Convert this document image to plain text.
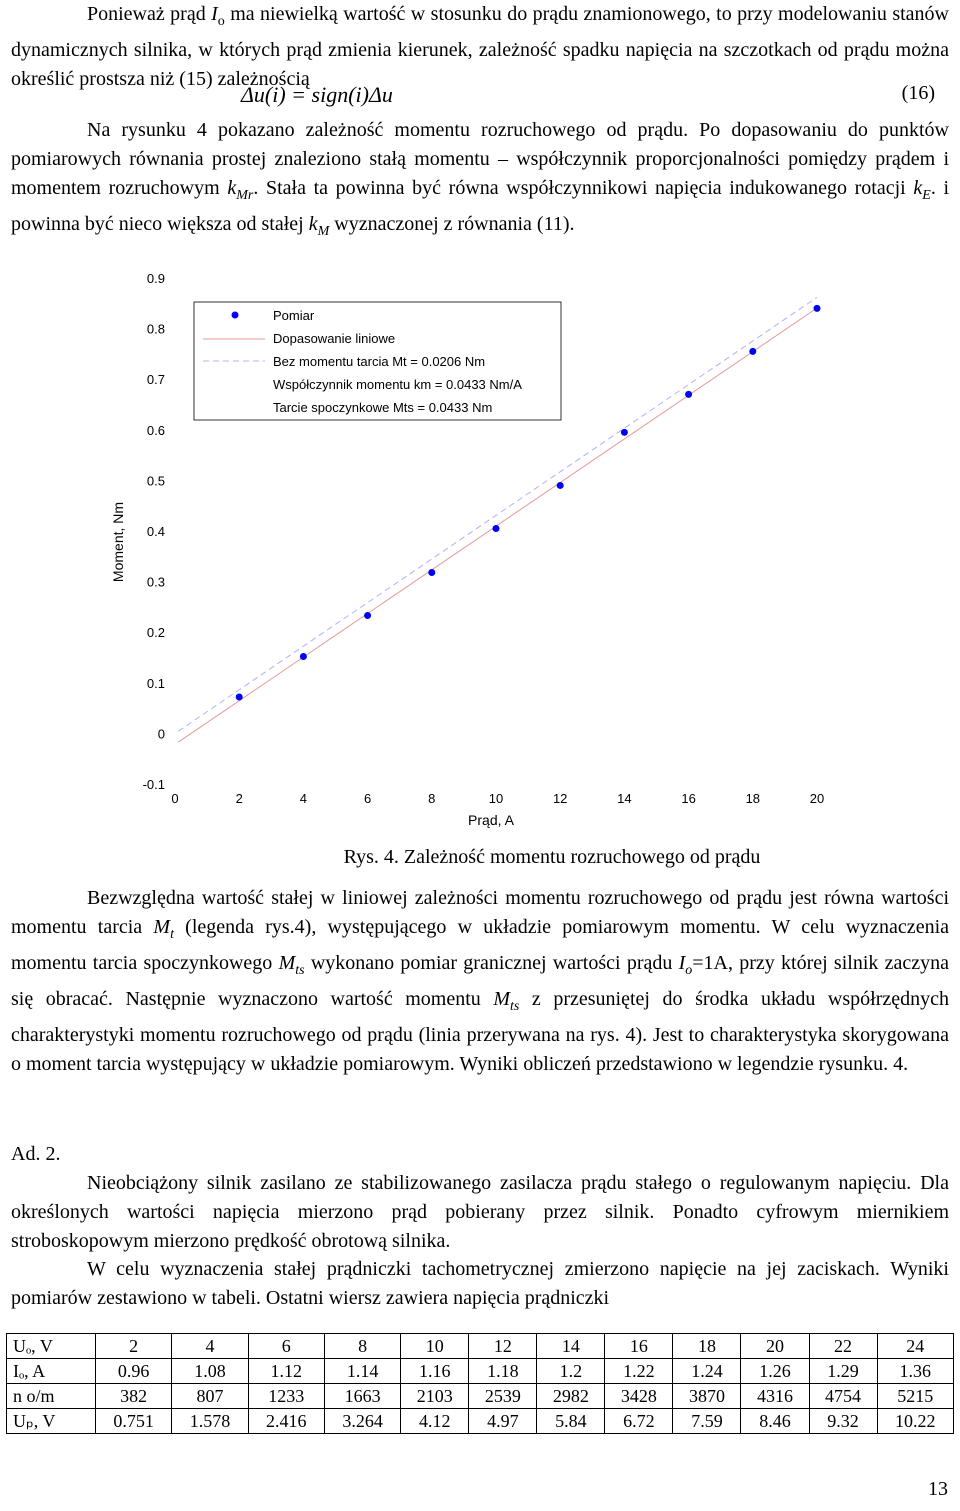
Ponieważ prąd $I_o$ ma niewielką wartość w stosunku do prądu znamionowego, to przy modelowaniu stanów dynamicznych silnika, w których prąd zmienia kierunek, zależność spadku napięcia na szczotkach od prądu można określić prostsza niż (15) zależnością

Δu(i) = sign(i)Δu	(16)

Na rysunku 4 pokazano zależność momentu rozruchowego od prądu. Po dopasowaniu do punktów pomiarowych równania prostej znaleziono stałą momentu – współczynnik proporcjonalności pomiędzy prądem i momentem rozruchowym $k_{Mr}$. Stała ta powinna być równa współczynnikowi napięcia indukowanego rotacji $k_E$. i powinna być nieco większa od stałej $k_M$ wyznaczonej z równania (11).

-0.1
0
0.1
0.2
0.3
0.4
0.5
0.6
0.7
0.8
0.9
0	2	4	6	8	10	12	14	16	18	20
Moment, Nm
Prąd, A
Pomiar
Dopasowanie liniowe
Bez momentu tarcia Mt = 0.0206 Nm
Współczynnik momentu km = 0.0433 Nm/A
Tarcie spoczynkowe Mts = 0.0433 Nm
Rys. 4. Zależność momentu rozruchowego od prądu

Bezwzględna wartość stałej w liniowej zależności momentu rozruchowego od prądu jest równa wartości momentu tarcia $M_t$ (legenda rys.4), występującego w układzie pomiarowym momentu. W celu wyznaczenia momentu tarcia spoczynkowego $M_{ts}$ wykonano pomiar granicznej wartości prądu $I_o=1A$, przy której silnik zaczyna się obracać. Następnie wyznaczono wartość momentu $M_{ts}$ z przesuniętej do środka układu współrzędnych charakterystyki momentu rozruchowego od prądu (linia przerywana na rys. 4). Jest to charakterystyka skorygowana o moment tarcia występujący w układzie pomiarowym. Wyniki obliczeń przedstawiono w legendzie rysunku. 4.

Ad. 2.

Nieobciążony silnik zasilano ze stabilizowanego zasilacza prądu stałego o regulowanym napięciu. Dla określonych wartości napięcia mierzono prąd pobierany przez silnik. Ponadto cyfrowym miernikiem stroboskopowym mierzono prędkość obrotową silnika.

W celu wyznaczenia stałej prądniczki tachometrycznej zmierzono napięcie na jej zaciskach. Wyniki pomiarów zestawiono w tabeli. Ostatni wiersz zawiera napięcia prądniczki

Uₒ, V	2	4	6	8	10	12	14	16	18	20	22	24
Iₒ, A	0.96	1.08	1.12	1.14	1.16	1.18	1.2	1.22	1.24	1.26	1.29	1.36
n o/m	382	807	1233	1663	2103	2539	2982	3428	3870	4316	4754	5215
Uₚ, V	0.751	1.578	2.416	3.264	4.12	4.97	5.84	6.72	7.59	8.46	9.32	10.22
13
